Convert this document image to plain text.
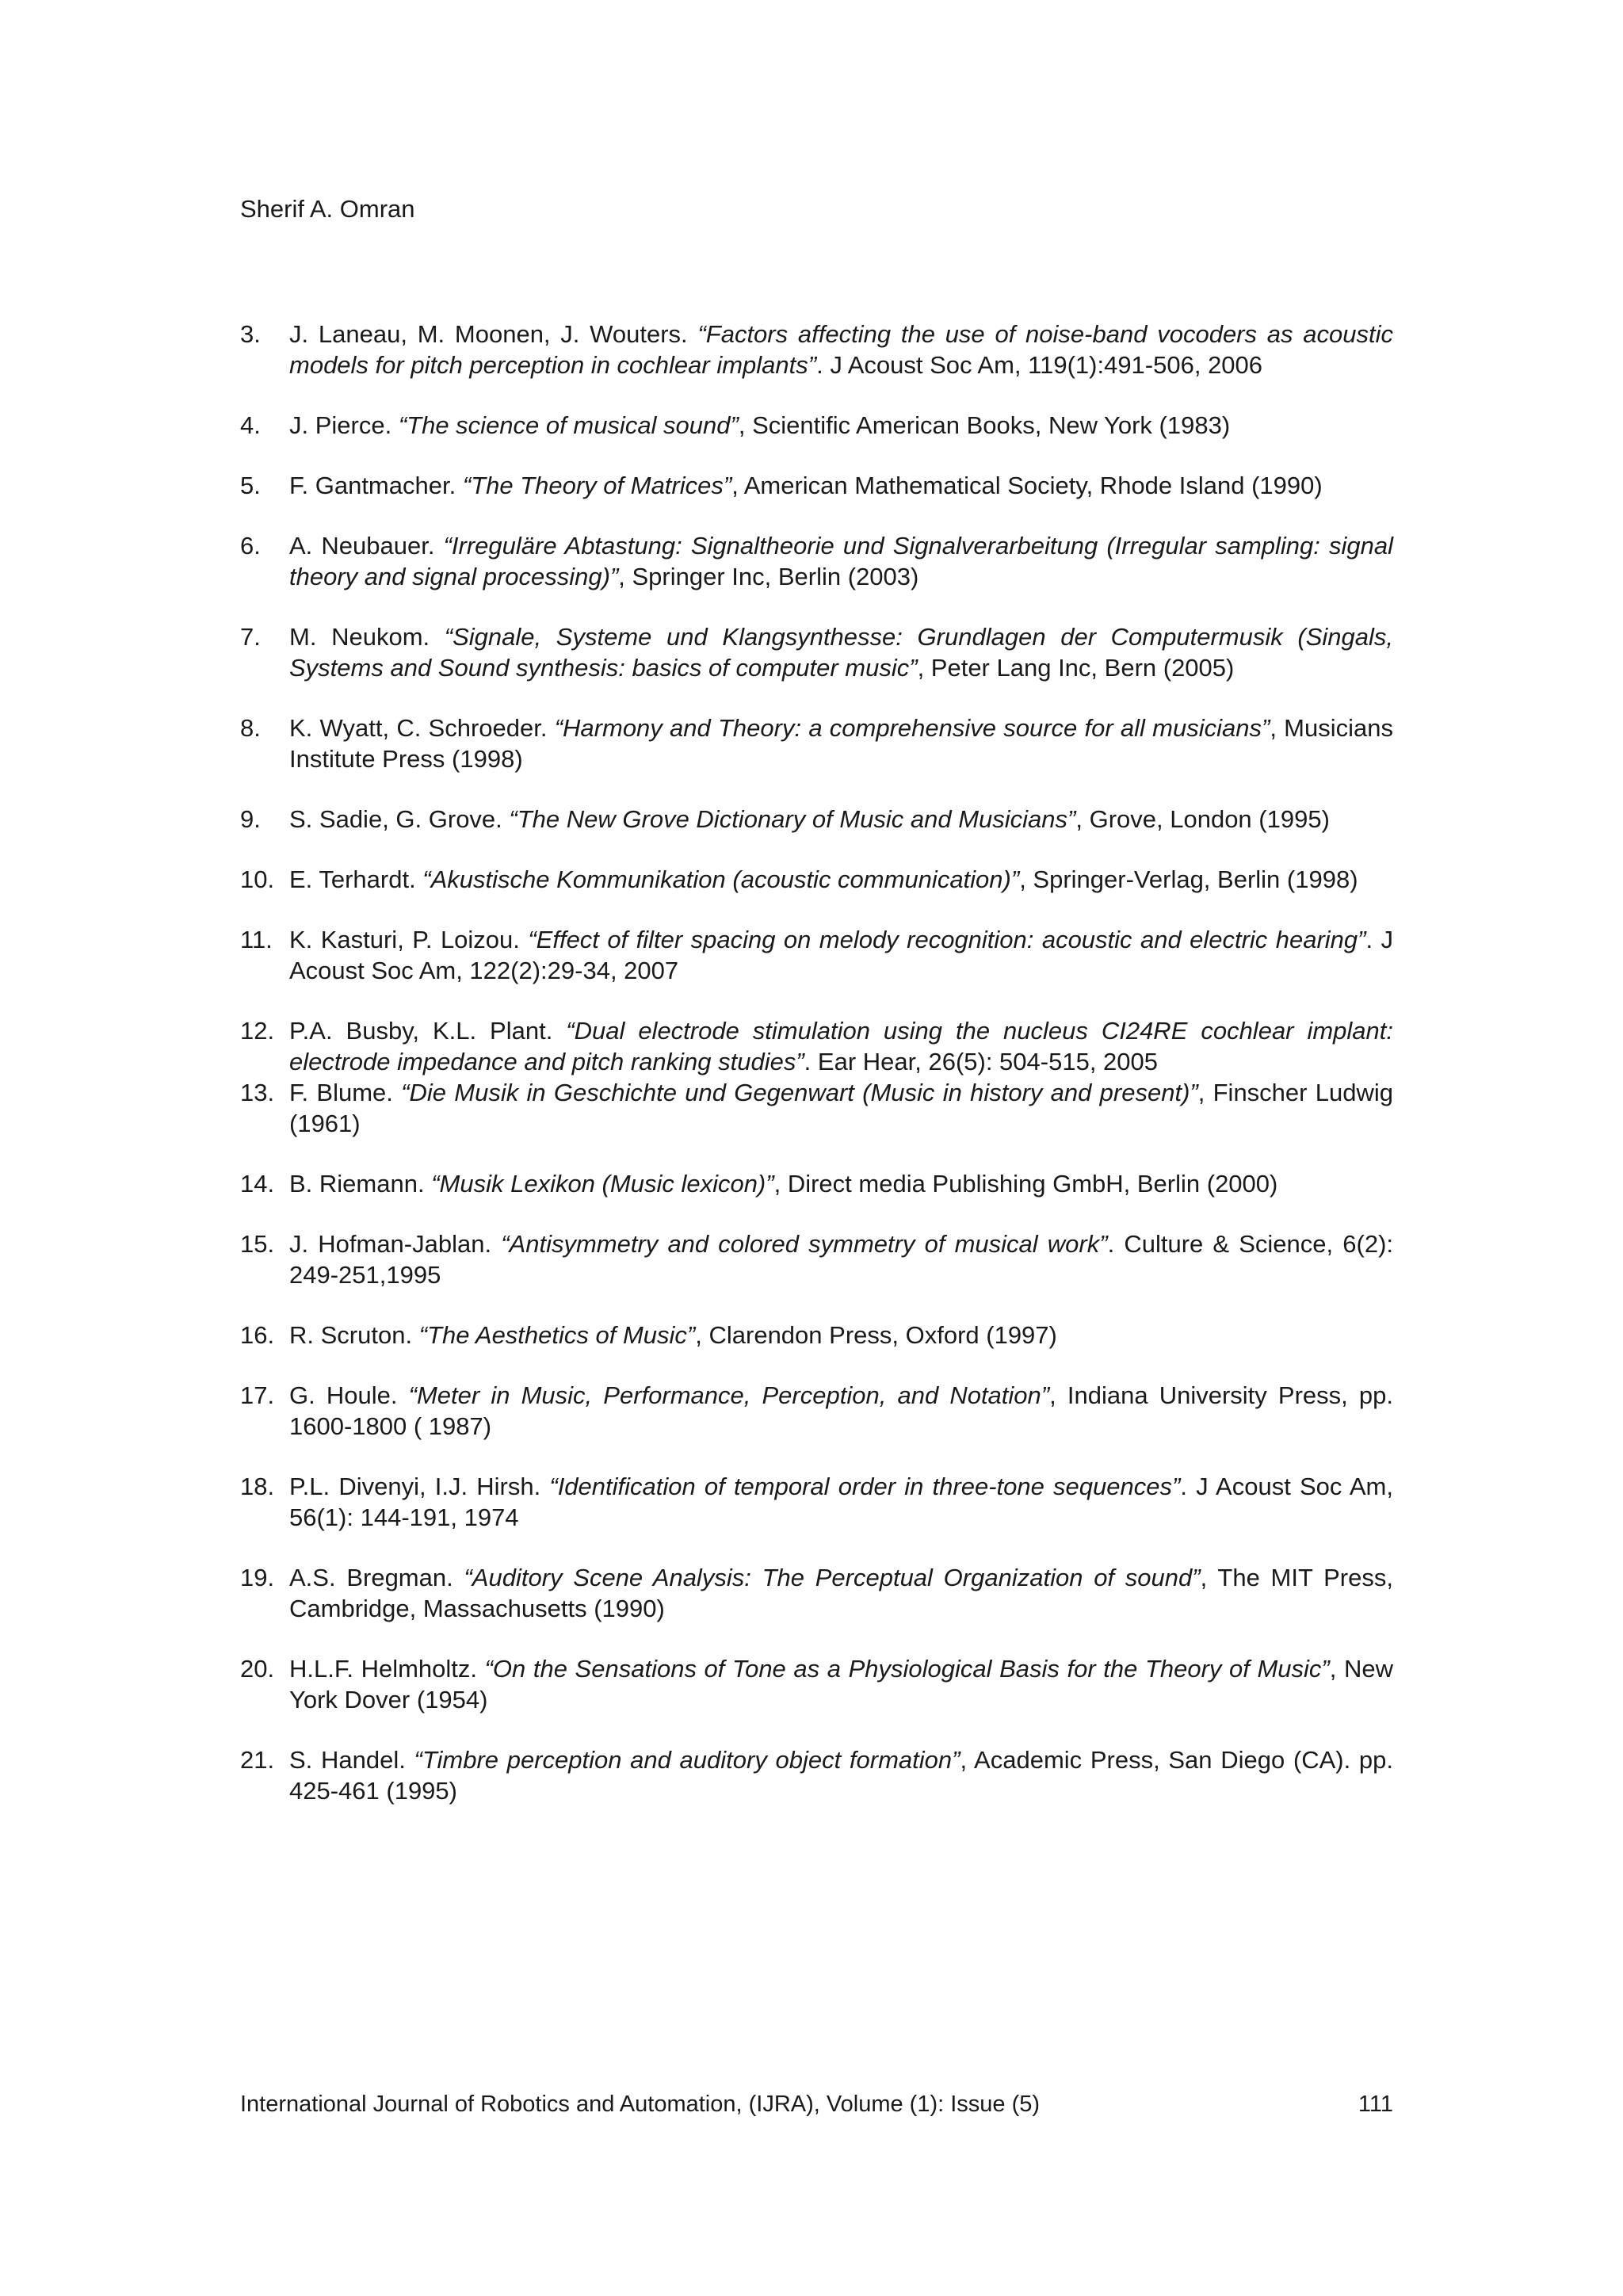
Sherif A. Omran
3. J. Laneau, M. Moonen, J. Wouters. “Factors affecting the use of noise-band vocoders as acoustic models for pitch perception in cochlear implants”. J Acoust Soc Am, 119(1):491-506, 2006
4. J. Pierce. “The science of musical sound”, Scientific American Books, New York (1983)
5. F. Gantmacher. “The Theory of Matrices”, American Mathematical Society, Rhode Island (1990)
6. A. Neubauer. “Irreguläre Abtastung: Signaltheorie und Signalverarbeitung (Irregular sampling: signal theory and signal processing)”, Springer Inc, Berlin (2003)
7. M. Neukom. “Signale, Systeme und Klangsynthesse: Grundlagen der Computermusik (Singals, Systems and Sound synthesis: basics of computer music”, Peter Lang Inc, Bern (2005)
8. K. Wyatt, C. Schroeder. “Harmony and Theory: a comprehensive source for all musicians”, Musicians Institute Press (1998)
9. S. Sadie, G. Grove. “The New Grove Dictionary of Music and Musicians”, Grove, London (1995)
10. E. Terhardt. “Akustische Kommunikation (acoustic communication)”, Springer-Verlag, Berlin (1998)
11. K. Kasturi, P. Loizou. “Effect of filter spacing on melody recognition: acoustic and electric hearing”. J Acoust Soc Am, 122(2):29-34, 2007
12. P.A. Busby, K.L. Plant. “Dual electrode stimulation using the nucleus CI24RE cochlear implant: electrode impedance and pitch ranking studies”. Ear Hear, 26(5): 504-515, 2005
13. F. Blume. “Die Musik in Geschichte und Gegenwart (Music in history and present)”, Finscher Ludwig (1961)
14. B. Riemann. “Musik Lexikon (Music lexicon)”, Direct media Publishing GmbH, Berlin (2000)
15. J. Hofman-Jablan. “Antisymmetry and colored symmetry of musical work”. Culture & Science, 6(2): 249-251,1995
16. R. Scruton. “The Aesthetics of Music”, Clarendon Press, Oxford (1997)
17. G. Houle. “Meter in Music, Performance, Perception, and Notation”, Indiana University Press, pp. 1600-1800 ( 1987)
18. P.L. Divenyi, I.J. Hirsh. “Identification of temporal order in three-tone sequences”. J Acoust Soc Am, 56(1): 144-191, 1974
19. A.S. Bregman. “Auditory Scene Analysis: The Perceptual Organization of sound”, The MIT Press, Cambridge, Massachusetts (1990)
20. H.L.F. Helmholtz. “On the Sensations of Tone as a Physiological Basis for the Theory of Music”, New York Dover (1954)
21. S. Handel. “Timbre perception and auditory object formation”, Academic Press, San Diego (CA). pp. 425-461 (1995)
International Journal of Robotics and Automation, (IJRA), Volume (1): Issue (5)	111
